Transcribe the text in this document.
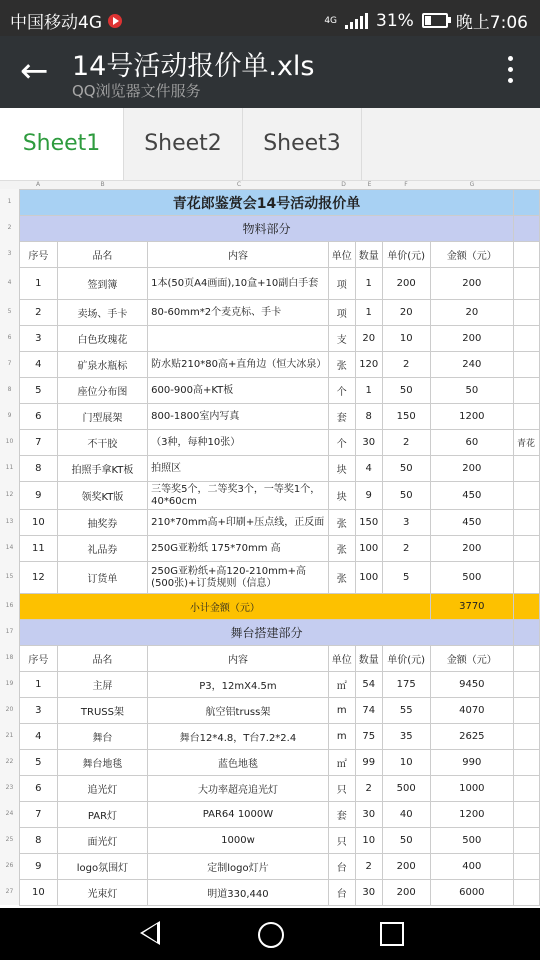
中国移动4G	4G 31% 晚上7:06
← 14号活动报价单.xls
QQ浏览器文件服务
Sheet1	Sheet2	Sheet3
A	B	C	D	E	F	G
1
2
3
4
5
6
7
8
9
10
11
12
13
14
15
16
17
18
19
20
21
22
23
24
25
26
27
青花郎鉴赏会14号活动报价单							
物料部分							
序号	品名	内容	单位	数量	单价(元)	金额（元）	
1	签到簿	1本(50页A4画面),10盒+10副白手套	项	1	200	200	
2	卖场、手卡	80-60mm*2个麦克标、手卡	项	1	20	20	
3	白色玫瑰花		支	20	10	200	
4	矿泉水瓶标	防水贴210*80高+直角边（恒大冰泉）	张	120	2	240	
5	座位分布图	600-900高+KT板	个	1	50	50	
6	门型展架	800-1800室内写真	套	8	150	1200	
7	不干胶	（3种，每种10张）	个	30	2	60	青花
8	拍照手拿KT板	拍照区	块	4	50	200	
9	领奖KT版	三等奖5个，二等奖3个，一等奖1个，40*60cm	块	9	50	450	
10	抽奖券	210*70mm高+印刷+压点线，正反面	张	150	3	450	
11	礼品券	250G亚粉纸 175*70mm 高	张	100	2	200	
12	订货单	250G亚粉纸+高120-210mm+高(500张)+订货规则（信息）	张	100	5	500	
小计金额（元）						3770	
舞台搭建部分							
序号	品名	内容	单位	数量	单价(元)	金额（元）	
1	主屏	P3，12mX4.5m	㎡	54	175	9450	
3	TRUSS架	航空铝truss架	m	74	55	4070	
4	舞台	舞台12*4.8，T台7.2*2.4	m	75	35	2625	
5	舞台地毯	蓝色地毯	㎡	99	10	990	
6	追光灯	大功率超亮追光灯	只	2	500	1000	
7	PAR灯	PAR64 1000W	套	30	40	1200	
8	面光灯	1000w	只	10	50	500	
9	logo氛围灯	定制logo灯片	台	2	200	400	
10	光束灯	明道330,440	台	30	200	6000	
